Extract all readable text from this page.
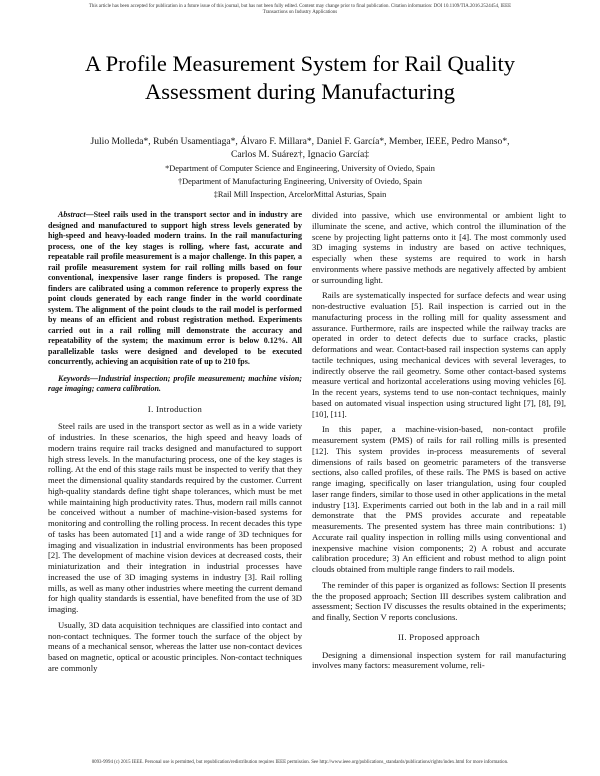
This article has been accepted for publication in a future issue of this journal, but has not been fully edited. Content may change prior to final publication. Citation information: DOI 10.1109/TIA.2016.2524454, IEEE
Transactions on Industry Applications
A Profile Measurement System for Rail Quality
Assessment during Manufacturing
Julio Molleda*, Rubén Usamentiaga*, Álvaro F. Millara*, Daniel F. García*, Member, IEEE, Pedro Manso*,
Carlos M. Suárez†, Ignacio García‡
*Department of Computer Science and Engineering, University of Oviedo, Spain
†Department of Manufacturing Engineering, University of Oviedo, Spain
‡Rail Mill Inspection, ArcelorMittal Asturias, Spain

Abstract—Steel rails used in the transport sector and in industry are designed and manufactured to support high stress levels generated by high-speed and heavy-loaded modern trains. In the rail manufacturing process, one of the key stages is rolling, where fast, accurate and repeatable rail profile measurement is a major challenge. In this paper, a rail profile measurement system for rail rolling mills based on four conventional, inexpensive laser range finders is proposed. The range finders are calibrated using a common reference to properly express the point clouds generated by each range finder in the world coordinate system. The alignment of the point clouds to the rail model is performed by means of an efficient and robust registration method. Experiments carried out in a rail rolling mill demonstrate the accuracy and repeatability of the system; the maximum error is below 0.12%. All parallelizable tasks were designed and developed to be executed concurrently, achieving an acquisition rate of up to 210 fps.

Keywords—Industrial inspection; profile measurement; machine vision; rage imaging; camera calibration.

I. Introduction

Steel rails are used in the transport sector as well as in a wide variety of industries. In these scenarios, the high speed and heavy loads of modern trains require rail tracks designed and manufactured to support high stress levels. In the manufacturing process, one of the key stages is rolling. At the end of this stage rails must be inspected to verify that they meet the dimensional quality standards required by the customer. Current high-quality standards define tight shape tolerances, which must be met while maintaining high productivity rates. Thus, modern rail mills cannot be conceived without a number of machine-vision-based systems for monitoring and controlling the rolling process. In recent decades this type of tasks has been automated [1] and a wide range of 3D techniques for imaging and visualization in industrial environments has been proposed [2]. The development of machine vision devices at decreased costs, their miniaturization and their integration in industrial processes have increased the use of 3D imaging systems in industry [3]. Rail rolling mills, as well as many other industries where meeting the current demand for high quality standards is essential, have benefited from the use of 3D imaging.

Usually, 3D data acquisition techniques are classified into contact and non-contact techniques. The former touch the surface of the object by means of a mechanical sensor, whereas the latter use non-contact devices based on magnetic, optical or acoustic principles. Non-contact techniques are commonly

divided into passive, which use environmental or ambient light to illuminate the scene, and active, which control the illumination of the scene by projecting light patterns onto it [4]. The most commonly used 3D imaging systems in industry are based on active techniques, especially when these systems are required to work in harsh environments where passive methods are negatively affected by ambient or surrounding light.

Rails are systematically inspected for surface defects and wear using non-destructive evaluation [5]. Rail inspection is carried out in the manufacturing process in the rolling mill for quality assessment and assurance. Furthermore, rails are inspected while the railway tracks are operated in order to detect defects due to surface cracks, plastic deformations and wear. Contact-based rail inspection systems can apply tactile techniques, using mechanical devices with several leverages, to indirectly observe the rail geometry. Some other contact-based systems measure vertical and horizontal accelerations using moving vehicles [6]. In the recent years, systems tend to use non-contact techniques, mainly based on automated visual inspection using structured light [7], [8], [9], [10], [11].

In this paper, a machine-vision-based, non-contact profile measurement system (PMS) of rails for rail rolling mills is presented [12]. This system provides in-process measurements of several dimensions of rails based on geometric parameters of the transverse sections, also called profiles, of these rails. The PMS is based on active range imaging, specifically on laser triangulation, using four coupled laser range finders, similar to those used in other applications in the metal industry [13]. Experiments carried out both in the lab and in a rail mill demonstrate that the PMS provides accurate and repeatable measurements. The presented system has three main contributions: 1) Accurate rail quality inspection in rolling mills using conventional and inexpensive machine vision components; 2) A robust and accurate calibration procedure; 3) An efficient and robust method to align point clouds obtained from multiple range finders to rail models.

The reminder of this paper is organized as follows: Section II presents the the proposed approach; Section III describes system calibration and assessment; Section IV discusses the results obtained in the experiments; and finally, Section V reports conclusions.

II. Proposed approach

Designing a dimensional inspection system for rail manufacturing involves many factors: measurement volume, reli-

0093-9994 (c) 2015 IEEE. Personal use is permitted, but republication/redistribution requires IEEE permission. See http://www.ieee.org/publications_standards/publications/rights/index.html for more information.
